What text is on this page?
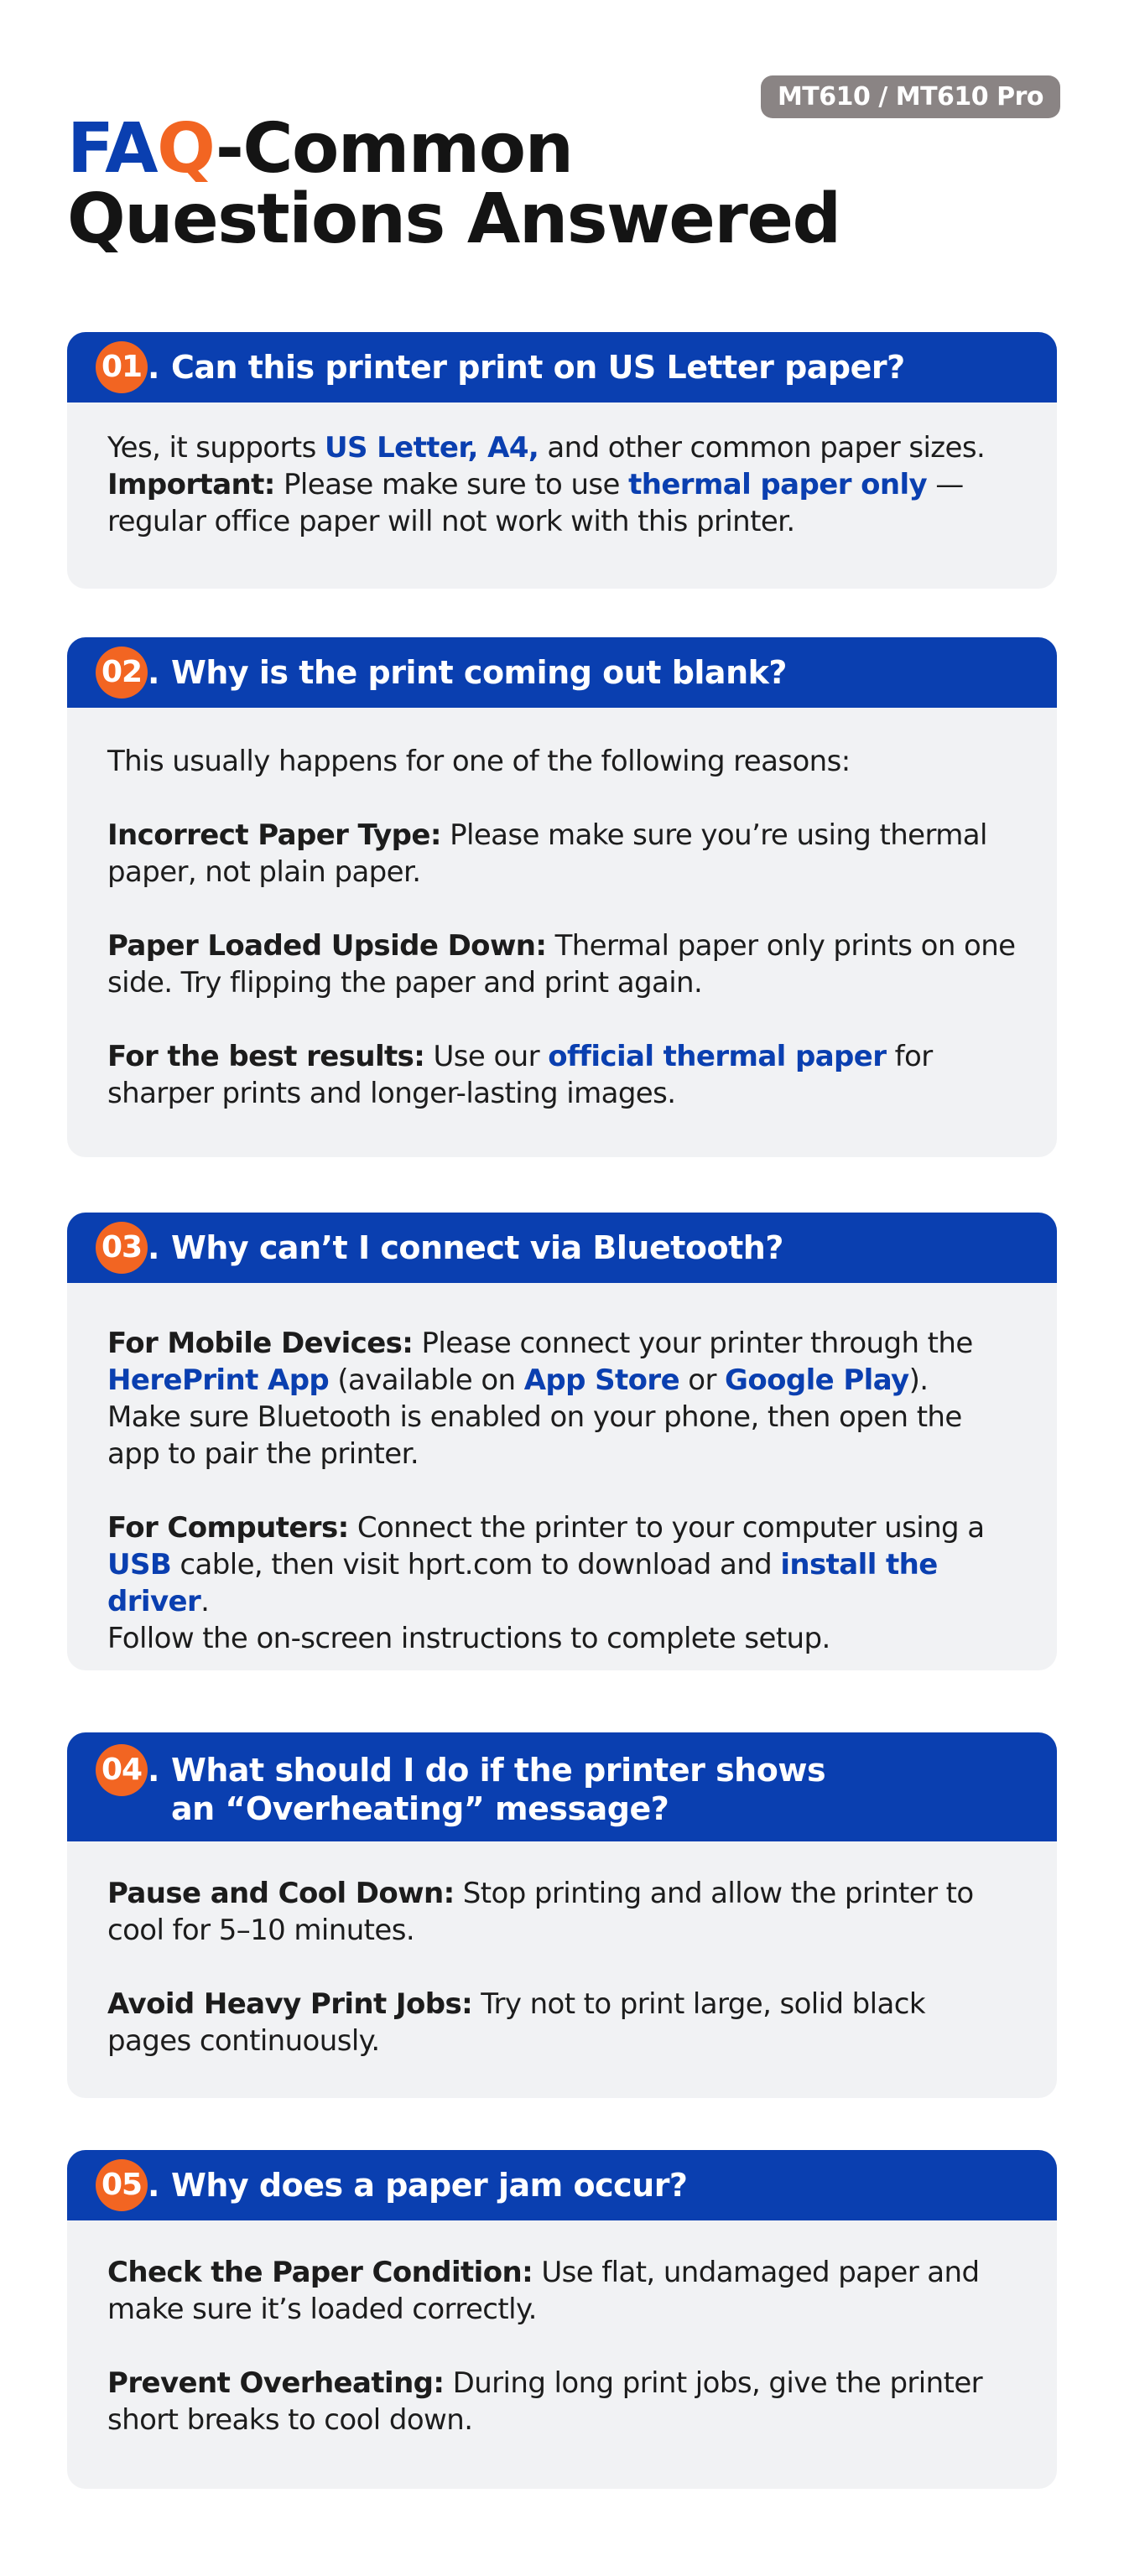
MT610 / MT610 Pro
FAQ-Common
Questions Answered
01 . Can this printer print on US Letter paper?

Yes, it supports US Letter, A4, and other common paper sizes.
Important: Please make sure to use thermal paper only — regular office paper will not work with this printer.

02 . Why is the print coming out blank?

This usually happens for one of the following reasons:

Incorrect Paper Type: Please make sure you’re using thermal paper, not plain paper.

Paper Loaded Upside Down: Thermal paper only prints on one side. Try flipping the paper and print again.

For the best results: Use our official thermal paper for sharper prints and longer-lasting images.

03 . Why can’t I connect via Bluetooth?

For Mobile Devices: Please connect your printer through the HerePrint App (available on App Store or Google Play).
Make sure Bluetooth is enabled on your phone, then open the app to pair the printer.

For Computers: Connect the printer to your computer using a USB cable, then visit hprt.com to download and install the driver.
Follow the on-screen instructions to complete setup.

04 . What should I do if the printer shows an “Overheating” message?

Pause and Cool Down: Stop printing and allow the printer to cool for 5–10 minutes.

Avoid Heavy Print Jobs: Try not to print large, solid black pages continuously.

05 . Why does a paper jam occur?

Check the Paper Condition: Use flat, undamaged paper and make sure it’s loaded correctly.

Prevent Overheating: During long print jobs, give the printer short breaks to cool down.
